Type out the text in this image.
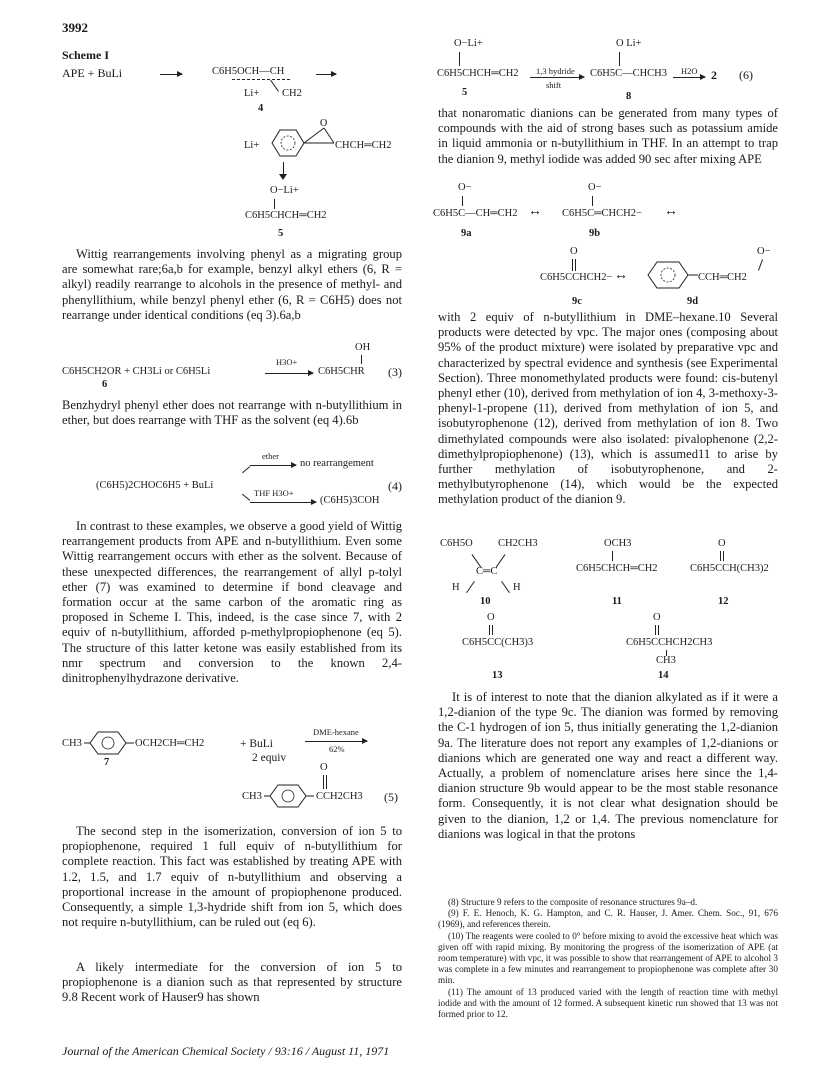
3992
Scheme I
APE + BuLi	C6H5OCH—CH
Li+ CH2
4
Li+
O
CHCH═CH2
O−Li+
C6H5CHCH═CH2
5

Wittig rearrangements involving phenyl as a migrating group are somewhat rare;6a,b for example, benzyl alkyl ethers (6, R = alkyl) readily rearrange to alcohols in the presence of methyl- and phenyllithium, while benzyl phenyl ether (6, R = C6H5) does not rearrange under identical conditions (eq 3).6a,b

OH
C6H5CH2OR + CH3Li or C6H5Li
H3O+
C6H5CHR (3)
6

Benzhydryl phenyl ether does not rearrange with n-butyllithium in ether, but does rearrange with THF as the solvent (eq 4).6b

ether
no rearrangement
(C6H5)2CHOC6H5 + BuLi
THF H3O+
(C6H5)3COH
(4)

In contrast to these examples, we observe a good yield of Wittig rearrangement products from APE and n-butyllithium. Even some Wittig rearrangement occurs with ether as the solvent. Because of these unexpected differences, the rearrangement of allyl p-tolyl ether (7) was examined to determine if bond cleavage and formation occur at the same carbon of the aromatic ring as proposed in Scheme I. This, indeed, is the case since 7, with 2 equiv of n-butyllithium, afforded p-methylpropiophenone (eq 5). The structure of this latter ketone was easily established from its nmr spectrum and conversion to the known 2,4-dinitrophenylhydrazone derivative.

CH3	OCH2CH═CH2	+ BuLi
2 equiv
DME-hexane
62%
7	O
CH3	CCH2CH3 (5)

The second step in the isomerization, conversion of ion 5 to propiophenone, required 1 full equiv of n-butyllithium for complete reaction. This fact was established by treating APE with 1.2, 1.5, and 1.7 equiv of n-butyllithium and observing a proportional increase in the amount of propiophenone produced. Consequently, a simple 1,3-hydride shift from ion 5, which does not require n-butyllithium, can be ruled out (eq 6).

A likely intermediate for the conversion of ion 5 to propiophenone is a dianion such as that represented by structure 9.8 Recent work of Hauser9 has shown

O−Li+
C6H5CHCH═CH2 1,3 hydride
shift
O Li+
C6H5C—CHCH3 H2O 2 (6)
5	8

that nonaromatic dianions can be generated from many types of compounds with the aid of strong bases such as potassium amide in liquid ammonia or n-butyllithium in THF. In an attempt to trap the dianion 9, methyl iodide was added 90 sec after mixing APE

O−
C6H5C—CH═CH2 ↔
O−
C6H5C═CHCH2− ↔
9a	9b
O
C6H5CCHCH2− ↔
O−
CCH═CH2
9c	9d

with 2 equiv of n-butyllithium in DME–hexane.10 Several products were detected by vpc. The major ones (composing about 95% of the product mixture) were isolated by preparative vpc and characterized by spectral evidence and synthesis (see Experimental Section). Three monomethylated products were found: cis-butenyl phenyl ether (10), derived from methylation of ion 4, 3-methoxy-3-phenyl-1-propene (11), derived from methylation of ion 5, and isobutyrophenone (12), derived from methylation of ion 8. Two dimethylated compounds were also isolated: pivalophenone (2,2-dimethylpropiophenone) (13), which is assumed11 to arise by further methylation of isobutyrophenone, and 2-methylbutyrophenone (14), which would be the expected methylation product of the dianion 9.

C6H5O CH2CH3
C═C
H	H
10
OCH3
C6H5CHCH═CH2
11
O
C6H5CCH(CH3)2
12
O
C6H5CC(CH3)3
13
O
C6H5CCHCH2CH3
CH3
14

It is of interest to note that the dianion alkylated as if it were a 1,2-dianion of the type 9c. The dianion was formed by removing the C-1 hydrogen of ion 5, thus initially generating the 1,2-dianion 9a. The literature does not report any examples of 1,2-dianions or dianions which are generated one way and react a different way. Actually, a problem of nomenclature arises here since the 1,4-dianion structure 9b would appear to be the most stable resonance form. Consequently, it is not clear what designation should be given to the dianion, 1,2 or 1,4. The previous nomenclature for dianions was logical in that the protons

(8) Structure 9 refers to the composite of resonance structures 9a–d.

(9) F. E. Henoch, K. G. Hampton, and C. R. Hauser, J. Amer. Chem. Soc., 91, 676 (1969), and references therein.

(10) The reagents were cooled to 0° before mixing to avoid the excessive heat which was given off with rapid mixing. By monitoring the progress of the isomerization of APE (at room temperature) with vpc, it was possible to show that rearrangement of APE to alcohol 3 was complete in a few minutes and rearrangement to propiophenone was complete after 30 min.

(11) The amount of 13 produced varied with the length of reaction time with methyl iodide and with the amount of 12 formed. A subsequent kinetic run showed that 13 was not formed prior to 12.

Journal of the American Chemical Society / 93:16 / August 11, 1971
